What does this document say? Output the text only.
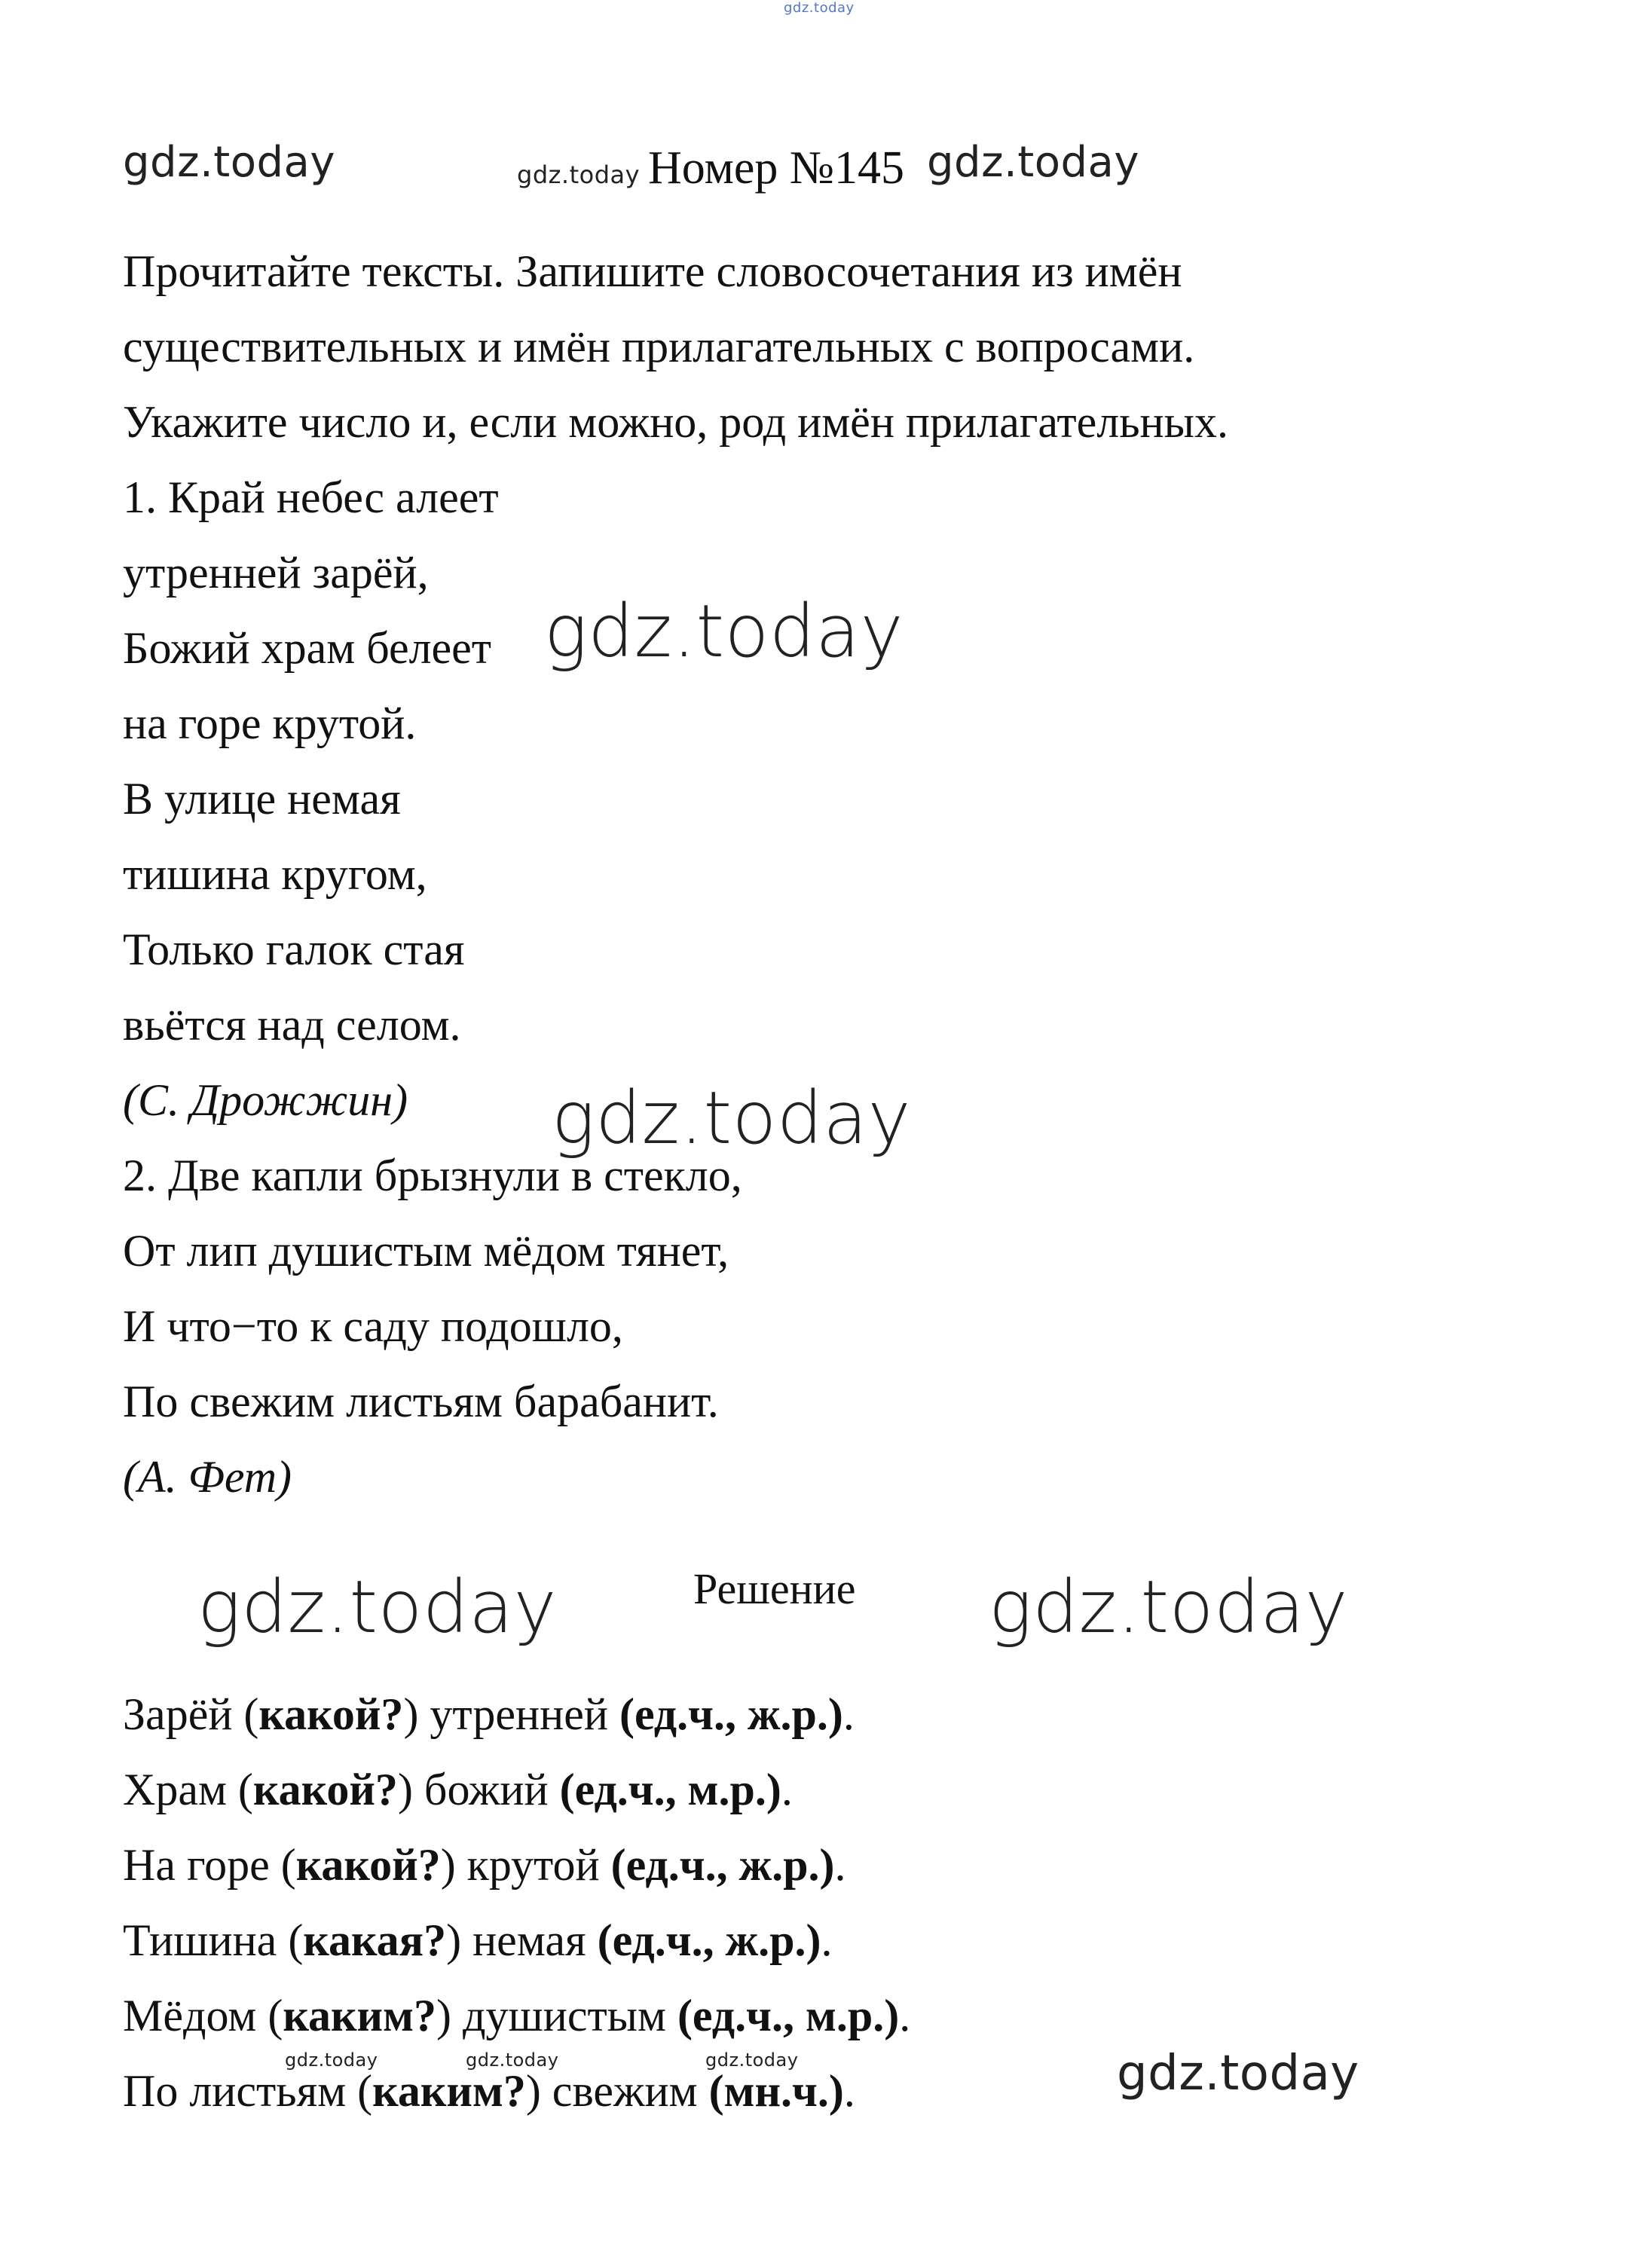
gdz.today
gdz.today	gdz.today	gdz.today
gdz.today
gdz.today
gdz.today	gdz.today
gdz.today	gdz.today	gdz.today	gdz.today
Номер №145
Прочитайте тексты. Запишите словосочетания из имён
существительных и имён прилагательных с вопросами.
Укажите число и, если можно, род имён прилагательных.
1. Край небес алеет
утренней зарёй,
Божий храм белеет
на горе крутой.
В улице немая
тишина кругом,
Только галок стая
вьётся над селом.
(С. Дрожжин)
2. Две капли брызнули в стекло,
От лип душистым мёдом тянет,
И что−то к саду подошло,
По свежим листьям барабанит.
(А. Фет)
Решение
Зарёй (какой?) утренней (ед.ч., ж.р.).
Храм (какой?) божий (ед.ч., м.р.).
На горе (какой?) крутой (ед.ч., ж.р.).
Тишина (какая?) немая (ед.ч., ж.р.).
Мёдом (каким?) душистым (ед.ч., м.р.).
По листьям (каким?) свежим (мн.ч.).
